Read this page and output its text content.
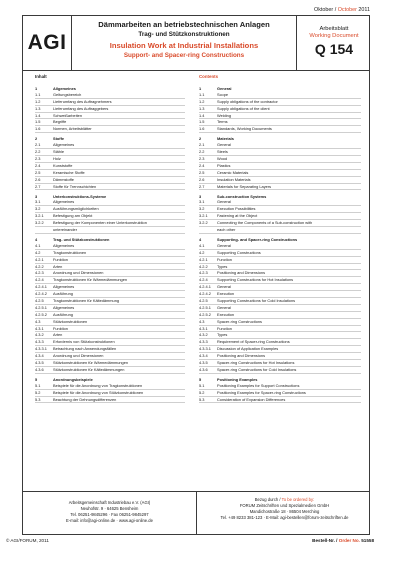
Oktober / October 2011
AGI
Dämmarbeiten an betriebstechnischen Anlagen
Trag- und Stützkonstruktionen
Insulation Work at Industrial Installations
Support- and Spacer-ring Constructions
Arbeitsblatt
Working Document
Q 154
Inhalt
1	Allgemeines
1.1	Geltungsbereich
1.2	Lieferumfang des Auftragnehmers
1.3	Lieferumfang des Auftraggebers
1.4	Schweißarbeiten
1.5	Begriffe
1.6	Normen, Arbeitsblätter
2	Stoffe
2.1	Allgemeines
2.2	Stähle
2.3	Holz
2.4	Kunststoffe
2.5	Keramische Stoffe
2.6	Dämmstoffe
2.7	Stoffe für Trennschichten
3	Unterkonstruktions-Systeme
3.1	Allgemeines
3.2	Ausführungsmöglichkeiten
3.2.1	Befestigung am Objekt
3.2.2	Befestigung der Komponenten einer Unterkonstruktion
untereinander
4	Trag- und Stützkonstruktionen
4.1	Allgemeines
4.2	Tragkonstruktionen
4.2.1	Funktion
4.2.2	Arten
4.2.3	Anordnung und Dimensionen
4.2.4	Tragkonstruktionen für Wärmedämmungen
4.2.4.1	Allgemeines
4.2.4.2	Ausführung
4.2.5	Tragkonstruktionen für Kältedämmung
4.2.5.1	Allgemeines
4.2.5.2	Ausführung
4.3	Stützkonstruktionen
4.3.1	Funktion
4.3.2	Arten
4.3.3	Erfordernis von Stützkonstruktionen
4.3.3.1	Betrachtung nach Anwendungsfällen
4.3.4	Anordnung und Dimensionen
4.3.5	Stützkonstruktionen für Wärmedämmungen
4.3.6	Stützkonstruktionen für Kältedämmungen
5	Anordnungsbeispiele
5.1	Beispiele für die Anordnung von Tragkonstruktionen
5.2	Beispiele für die Anordnung von Stützkonstruktionen
5.3	Beachtung der Dehnungsdifferenzen
Contents
1	General
1.1	Scope
1.2	Supply obligations of the contractor
1.3	Supply obligations of the client
1.4	Welding
1.5	Terms
1.6	Standards, Working Documents
2	Materials
2.1	General
2.2	Steels
2.3	Wood
2.4	Plastics
2.5	Ceramic Materials
2.6	Insulation Materials
2.7	Materials for Separating Layers
3	Sub-construction Systems
3.1	General
3.2	Execution Possibilities
3.2.1	Fastening at the Object
3.2.2	Connecting the Components of a Sub-construction with
each other
4	Supporting- and Spacer-ring Constructions
4.1	General
4.2	Supporting Constructions
4.2.1	Function
4.2.2	Types
4.2.3	Positioning and Dimensions
4.2.4	Supporting Constructions for Hot Insulations
4.2.4.1	General
4.2.4.2	Execution
4.2.5	Supporting Constructions for Cold Insulations
4.2.5.1	General
4.2.5.2	Execution
4.3	Spacer-ring Constructions
4.3.1	Function
4.3.2	Types
4.3.3	Requirement of Spacer-ring Constructions
4.3.3.1	Discussion of Application Examples
4.3.4	Positioning and Dimensions
4.3.5	Spacer-ring Constructions for Hot Insulations
4.3.6	Spacer-ring Constructions for Cold Insulations
5	Positioning Examples
5.1	Positioning Examples for Support Constructions
5.2	Positioning Examples for Spacer-ring Constructions
5.3	Consideration of Expansion Differences
Arbeitsgemeinschaft Industriebau e.V. (AGI)
Neuhofstr. 9 · 64625 Bensheim
Tel. 06251-9845296 · Fax 06251-9845297
E-mail: info@agi-online.de · www.agi-online.de
Bezug durch / To be ordered by:
FORUM Zeitschriften und Spezialmedien GmbH
Mandichostraße 18 · 86504 Merching
Tel. +49 8233 381-123 · E-Mail: agi-bestellen@forum-zeitschriften.de
© AGI/FORUM, 2011	Bestell-Nr. / Order No. 51558
